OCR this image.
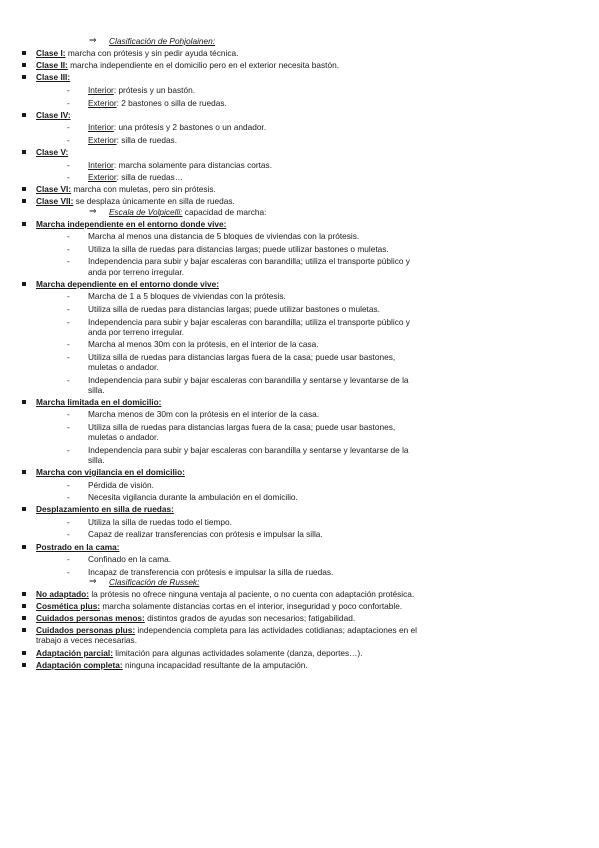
⇒	Clasificación de Pohjolainen:
Clase I: marcha con prótesis y sin pedir ayuda técnica.
Clase II: marcha independiente en el domicilio pero en el exterior necesita bastón.
Clase III:
- Interior: prótesis y un bastón.
- Exterior: 2 bastones o silla de ruedas.
Clase IV:
- Interior: una prótesis y 2 bastones o un andador.
- Exterior: silla de ruedas.
Clase V:
- Interior: marcha solamente para distancias cortas.
- Exterior: silla de ruedas…
Clase VI: marcha con muletas, pero sin prótesis.
Clase VII: se desplaza únicamente en silla de ruedas.
⇒	Escala de Volpicelli: capacidad de marcha:
Marcha independiente en el entorno donde vive:
- Marcha al menos una distancia de 5 bloques de viviendas con la prótesis.
- Utiliza la silla de ruedas para distancias largas; puede utilizar bastones o muletas.
- Independencia para subir y bajar escaleras con barandilla; utiliza el transporte público y anda por terreno irregular.
Marcha dependiente en el entorno donde vive:
- Marcha de 1 a 5 bloques de viviendas con la prótesis.
- Utiliza silla de ruedas para distancias largas; puede utilizar bastones o muletas.
- Independencia para subir y bajar escaleras con barandilla; utiliza el transporte público y anda por terreno irregular.
- Marcha al menos 30m con la prótesis, en el interior de la casa.
- Utiliza silla de ruedas para distancias largas fuera de la casa; puede usar bastones, muletas o andador.
- Independencia para subir y bajar escaleras con barandilla y sentarse y levantarse de la silla.
Marcha limitada en el domicilio:
- Marcha menos de 30m con la prótesis en el interior de la casa.
- Utiliza silla de ruedas para distancias largas fuera de la casa; puede usar bastones, muletas o andador.
- Independencia para subir y bajar escaleras con barandilla y sentarse y levantarse de la silla.
Marcha con vigilancia en el domicilio:
- Pérdida de visión.
- Necesita vigilancia durante la ambulación en el domicilio.
Desplazamiento en silla de ruedas:
- Utiliza la silla de ruedas todo el tiempo.
- Capaz de realizar transferencias con prótesis e impulsar la silla.
Postrado en la cama:
- Confinado en la cama.
- Incapaz de transferencia con prótesis e impulsar la silla de ruedas.
⇒	Clasificación de Russek:
No adaptado: la prótesis no ofrece ninguna ventaja al paciente, o no cuenta con adaptación protésica.
Cosmética plus: marcha solamente distancias cortas en el interior, inseguridad y poco confortable.
Cuidados personas menos: distintos grados de ayudas son necesarios; fatigabilidad.
Cuidados personas plus: independencia completa para las actividades cotidianas; adaptaciones en el trabajo a veces necesarias.
Adaptación parcial: limitación para algunas actividades solamente (danza, deportes…).
Adaptación completa: ninguna incapacidad resultante de la amputación.
